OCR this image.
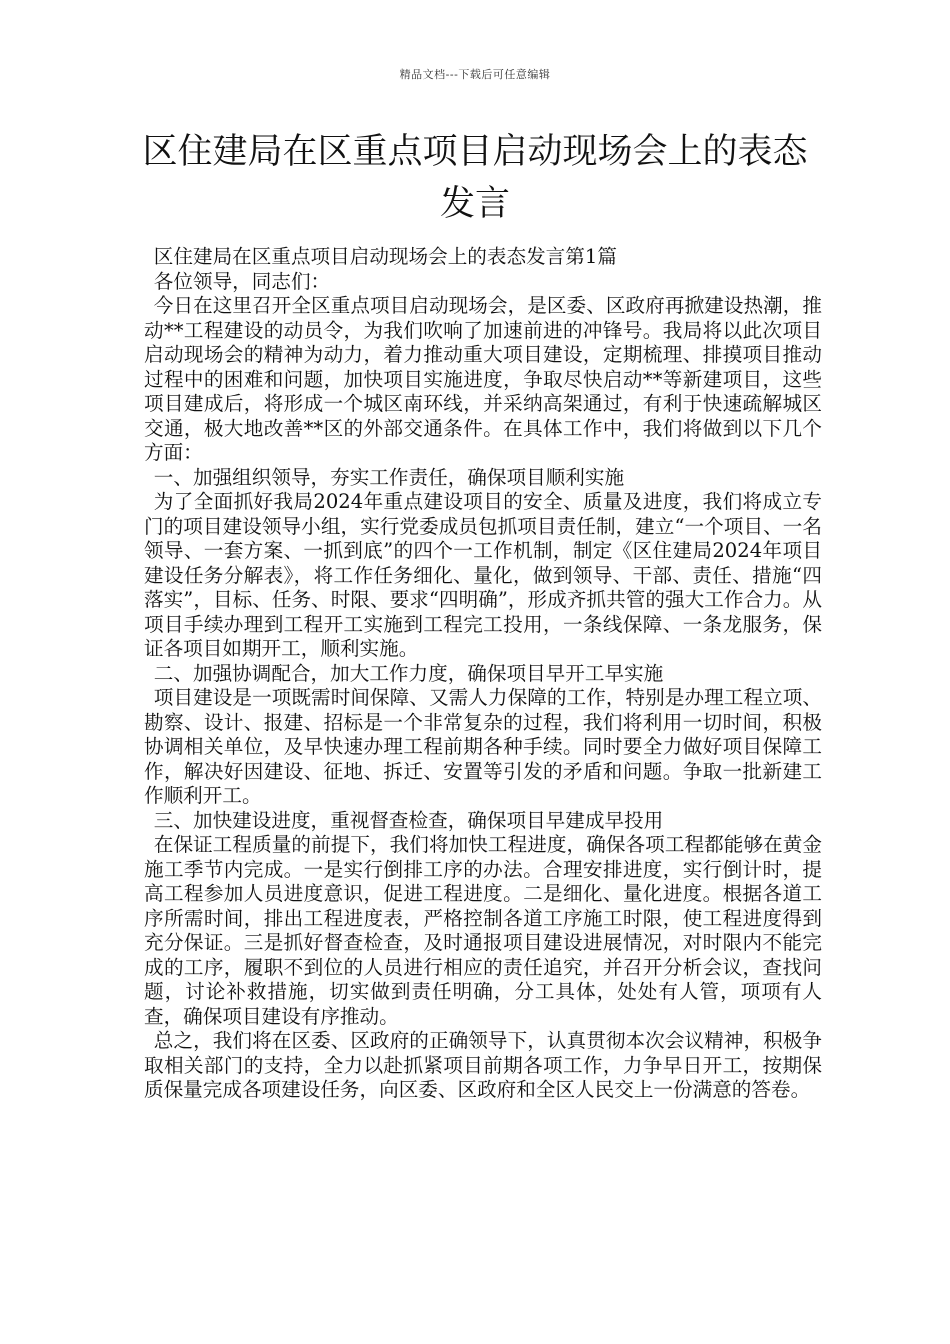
精品文档---下载后可任意编辑
区住建局在区重点项目启动现场会上的表态发言

区住建局在区重点项目启动现场会上的表态发言第1篇

各位领导，同志们：

今日在这里召开全区重点项目启动现场会，是区委、区政府再掀建设热潮，推动**工程建设的动员令，为我们吹响了加速前进的冲锋号。我局将以此次项目启动现场会的精神为动力，着力推动重大项目建设，定期梳理、排摸项目推动过程中的困难和问题，加快项目实施进度，争取尽快启动**等新建项目，这些项目建成后，将形成一个城区南环线，并采纳高架通过，有利于快速疏解城区交通，极大地改善**区的外部交通条件。在具体工作中，我们将做到以下几个方面：

一、加强组织领导，夯实工作责任，确保项目顺利实施

为了全面抓好我局2024年重点建设项目的安全、质量及进度，我们将成立专门的项目建设领导小组，实行党委成员包抓项目责任制，建立“一个项目、一名领导、一套方案、一抓到底”的四个一工作机制，制定《区住建局2024年项目建设任务分解表》，将工作任务细化、量化，做到领导、干部、责任、措施“四落实”，目标、任务、时限、要求“四明确”，形成齐抓共管的强大工作合力。从项目手续办理到工程开工实施到工程完工投用，一条线保障、一条龙服务，保证各项目如期开工，顺利实施。

二、加强协调配合，加大工作力度，确保项目早开工早实施

项目建设是一项既需时间保障、又需人力保障的工作，特别是办理工程立项、勘察、设计、报建、招标是一个非常复杂的过程，我们将利用一切时间，积极协调相关单位，及早快速办理工程前期各种手续。同时要全力做好项目保障工作，解决好因建设、征地、拆迁、安置等引发的矛盾和问题。争取一批新建工作顺利开工。

三、加快建设进度，重视督查检查，确保项目早建成早投用

在保证工程质量的前提下，我们将加快工程进度，确保各项工程都能够在黄金施工季节内完成。一是实行倒排工序的办法。合理安排进度，实行倒计时，提高工程参加人员进度意识，促进工程进度。二是细化、量化进度。根据各道工序所需时间，排出工程进度表，严格控制各道工序施工时限，使工程进度得到充分保证。三是抓好督查检查，及时通报项目建设进展情况，对时限内不能完成的工序，履职不到位的人员进行相应的责任追究，并召开分析会议，查找问题，讨论补救措施，切实做到责任明确，分工具体，处处有人管，项项有人查，确保项目建设有序推动。

总之，我们将在区委、区政府的正确领导下，认真贯彻本次会议精神，积极争取相关部门的支持，全力以赴抓紧项目前期各项工作，力争早日开工，按期保质保量完成各项建设任务，向区委、区政府和全区人民交上一份满意的答卷。
